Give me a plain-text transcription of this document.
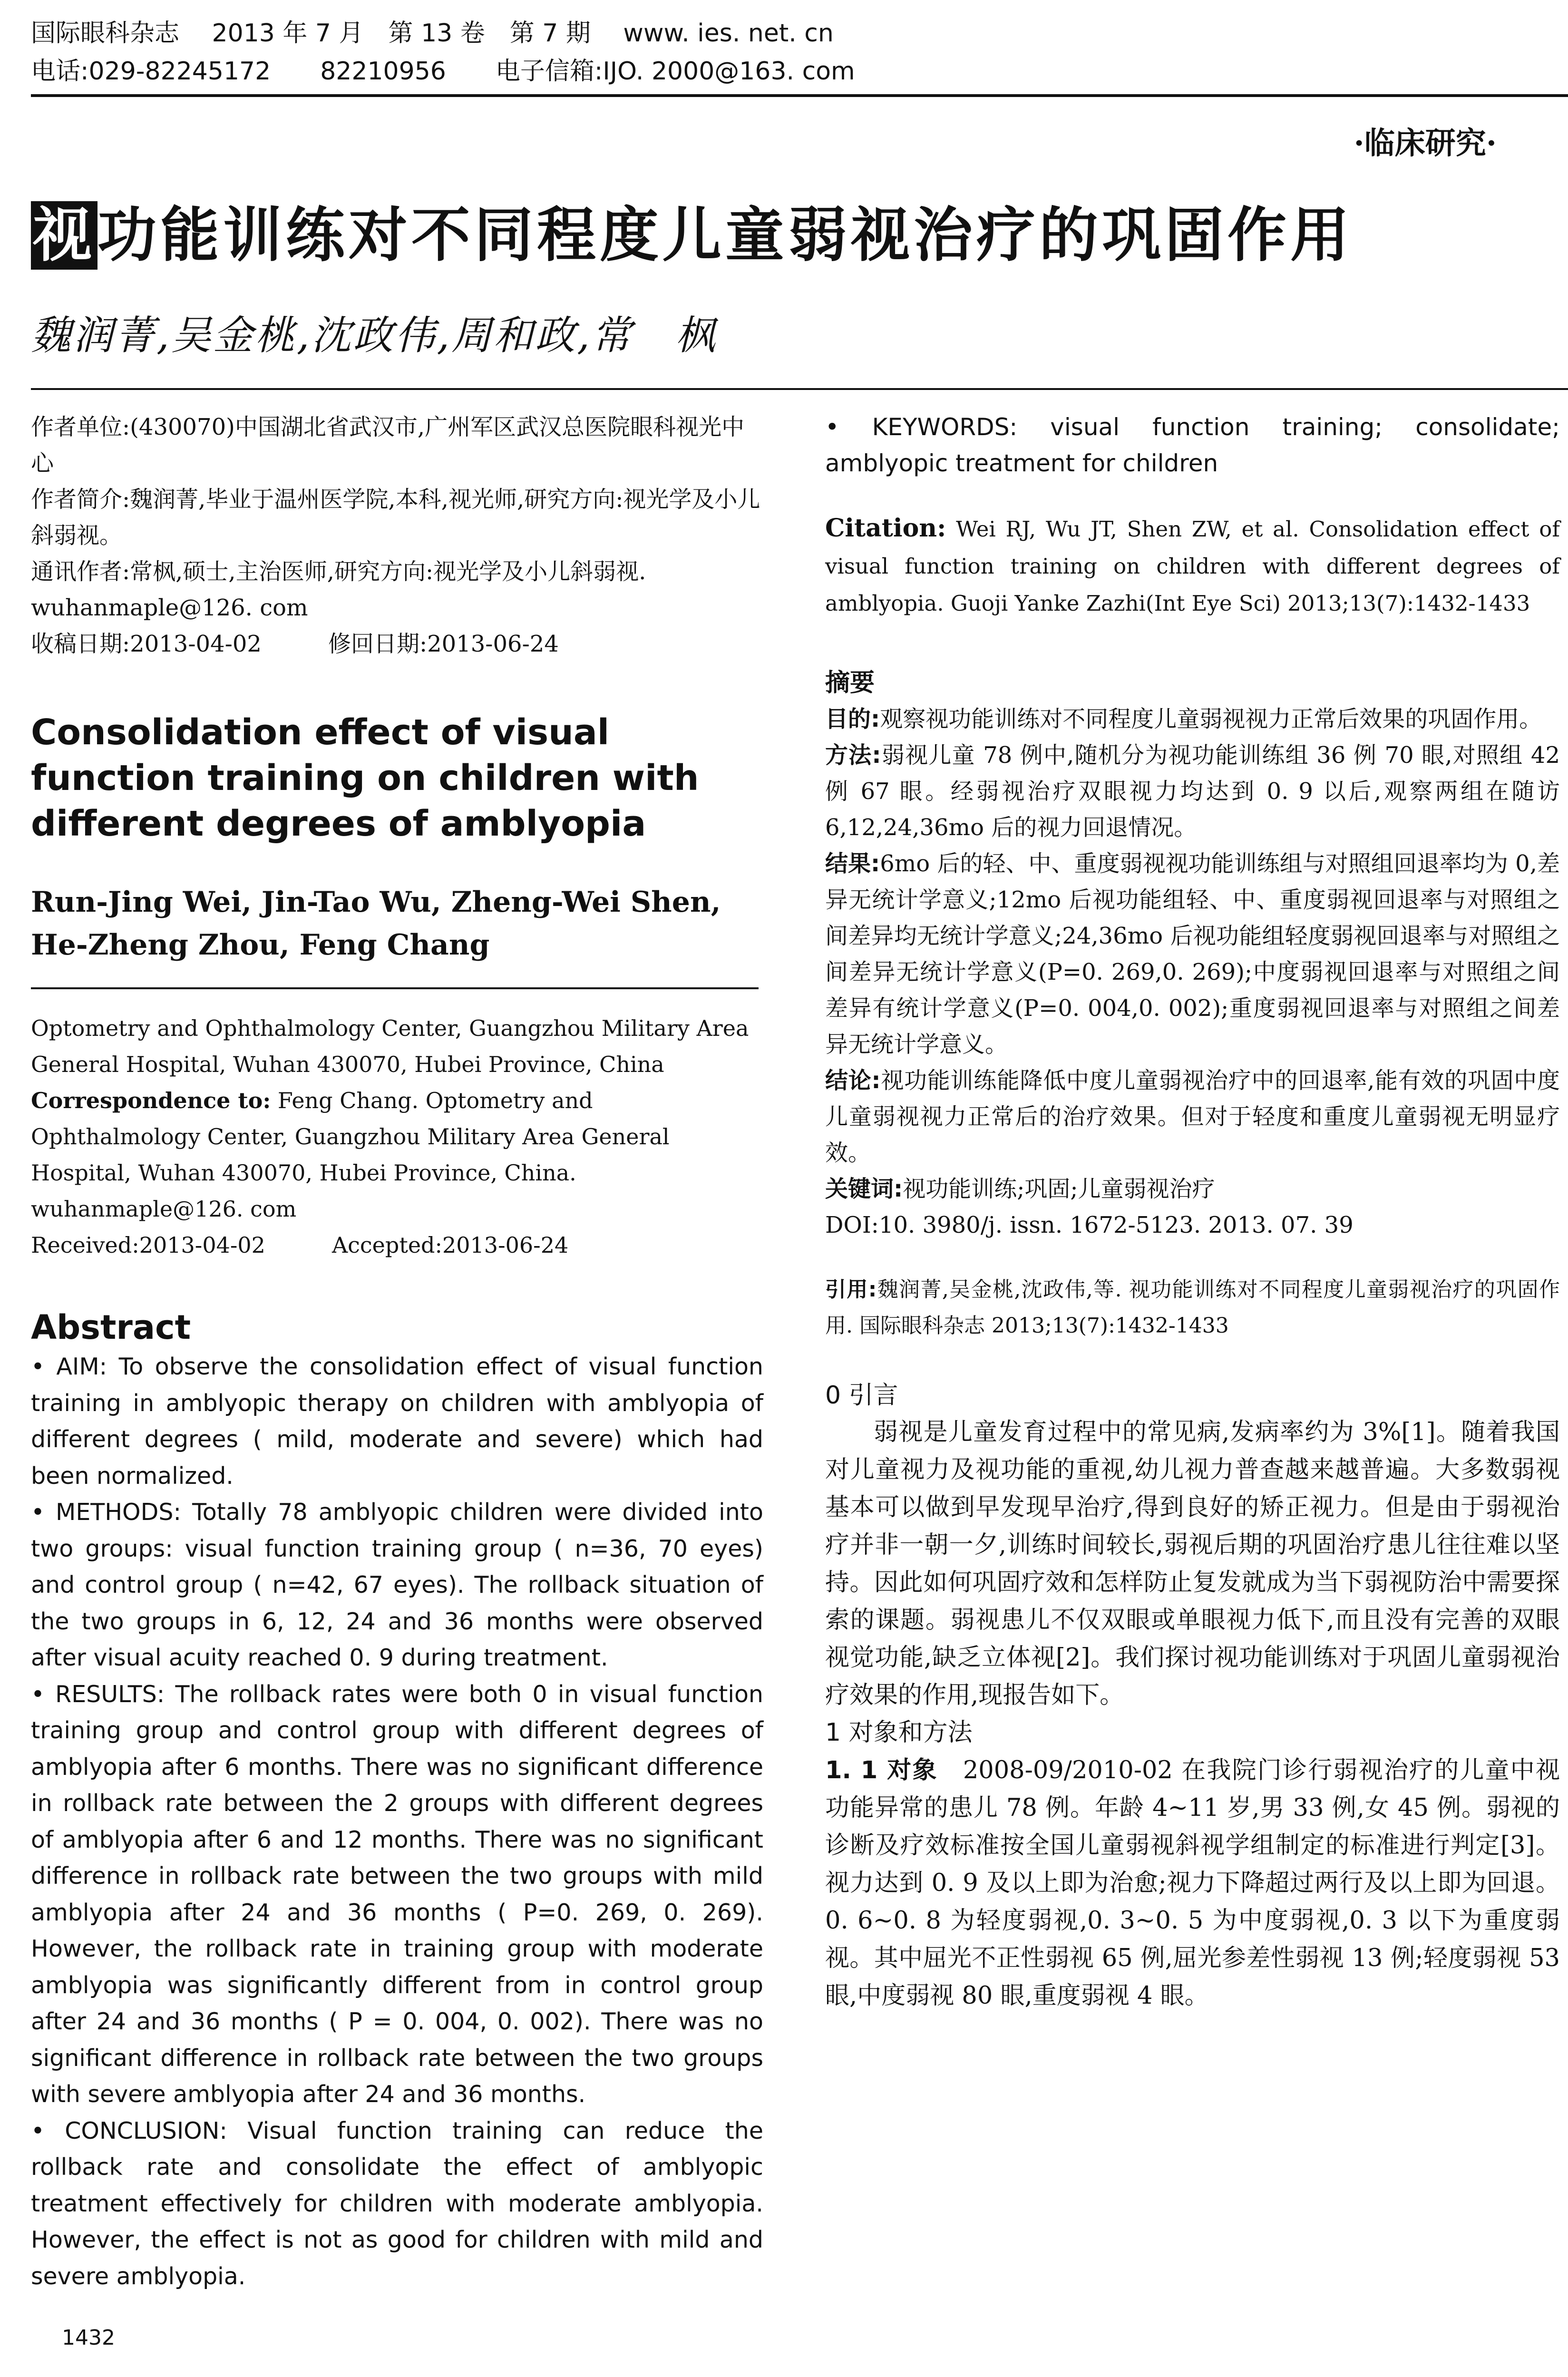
国际眼科杂志　 2013 年 7 月　第 13 卷　第 7 期　 www. ies. net. cn
电话:029-82245172　　82210956　　电子信箱:IJO. 2000@163. com
·临床研究·
视功能训练对不同程度儿童弱视治疗的巩固作用
魏润菁,吴金桃,沈政伟,周和政,常　枫

作者单位:(430070)中国湖北省武汉市,广州军区武汉总医院眼科视光中心

作者简介:魏润菁,毕业于温州医学院,本科,视光师,研究方向:视光学及小儿斜弱视。

通讯作者:常枫,硕士,主治医师,研究方向:视光学及小儿斜弱视. wuhanmaple@126. com

收稿日期:2013-04-02	修回日期:2013-06-24

Consolidation effect of visual function training on children with different degrees of amblyopia
Run-Jing Wei, Jin-Tao Wu, Zheng-Wei Shen, He-Zheng Zhou, Feng Chang

Optometry and Ophthalmology Center, Guangzhou Military Area General Hospital, Wuhan 430070, Hubei Province, China

Correspondence to: Feng Chang. Optometry and Ophthalmology Center, Guangzhou Military Area General Hospital, Wuhan 430070, Hubei Province, China. wuhanmaple@126. com

Received:2013-04-02	Accepted:2013-06-24

Abstract

• AIM: To observe the consolidation effect of visual function training in amblyopic therapy on children with amblyopia of different degrees ( mild, moderate and severe) which had been normalized.

• METHODS: Totally 78 amblyopic children were divided into two groups: visual function training group ( n=36, 70 eyes) and control group ( n=42, 67 eyes). The rollback situation of the two groups in 6, 12, 24 and 36 months were observed after visual acuity reached 0. 9 during treatment.

• RESULTS: The rollback rates were both 0 in visual function training group and control group with different degrees of amblyopia after 6 months. There was no significant difference in rollback rate between the 2 groups with different degrees of amblyopia after 6 and 12 months. There was no significant difference in rollback rate between the two groups with mild amblyopia after 24 and 36 months ( P=0. 269, 0. 269). However, the rollback rate in training group with moderate amblyopia was significantly different from in control group after 24 and 36 months ( P = 0. 004, 0. 002). There was no significant difference in rollback rate between the two groups with severe amblyopia after 24 and 36 months.

• CONCLUSION: Visual function training can reduce the rollback rate and consolidate the effect of amblyopic treatment effectively for children with moderate amblyopia. However, the effect is not as good for children with mild and severe amblyopia.

1432
• KEYWORDS: visual function training; consolidate; amblyopic treatment for children
Citation: Wei RJ, Wu JT, Shen ZW, et al. Consolidation effect of visual function training on children with different degrees of amblyopia. Guoji Yanke Zazhi(Int Eye Sci) 2013;13(7):1432-1433
摘要

目的:观察视功能训练对不同程度儿童弱视视力正常后效果的巩固作用。

方法:弱视儿童 78 例中,随机分为视功能训练组 36 例 70 眼,对照组 42 例 67 眼。经弱视治疗双眼视力均达到 0. 9 以后,观察两组在随访 6,12,24,36mo 后的视力回退情况。

结果:6mo 后的轻、中、重度弱视视功能训练组与对照组回退率均为 0,差异无统计学意义;12mo 后视功能组轻、中、重度弱视回退率与对照组之间差异均无统计学意义;24,36mo 后视功能组轻度弱视回退率与对照组之间差异无统计学意义(P=0. 269,0. 269);中度弱视回退率与对照组之间差异有统计学意义(P=0. 004,0. 002);重度弱视回退率与对照组之间差异无统计学意义。

结论:视功能训练能降低中度儿童弱视治疗中的回退率,能有效的巩固中度儿童弱视视力正常后的治疗效果。但对于轻度和重度儿童弱视无明显疗效。

关键词:视功能训练;巩固;儿童弱视治疗

DOI:10. 3980/j. issn. 1672-5123. 2013. 07. 39

引用:魏润菁,吴金桃,沈政伟,等. 视功能训练对不同程度儿童弱视治疗的巩固作用. 国际眼科杂志 2013;13(7):1432-1433
0 引言
弱视是儿童发育过程中的常见病,发病率约为 3%[1]。随着我国对儿童视力及视功能的重视,幼儿视力普查越来越普遍。大多数弱视基本可以做到早发现早治疗,得到良好的矫正视力。但是由于弱视治疗并非一朝一夕,训练时间较长,弱视后期的巩固治疗患儿往往难以坚持。因此如何巩固疗效和怎样防止复发就成为当下弱视防治中需要探索的课题。弱视患儿不仅双眼或单眼视力低下,而且没有完善的双眼视觉功能,缺乏立体视[2]。我们探讨视功能训练对于巩固儿童弱视治疗效果的作用,现报告如下。
1 对象和方法
1. 1 对象　2008-09/2010-02 在我院门诊行弱视治疗的儿童中视功能异常的患儿 78 例。年龄 4~11 岁,男 33 例,女 45 例。弱视的诊断及疗效标准按全国儿童弱视斜视学组制定的标准进行判定[3]。视力达到 0. 9 及以上即为治愈;视力下降超过两行及以上即为回退。0. 6~0. 8 为轻度弱视,0. 3~0. 5 为中度弱视,0. 3 以下为重度弱视。其中屈光不正性弱视 65 例,屈光参差性弱视 13 例;轻度弱视 53 眼,中度弱视 80 眼,重度弱视 4 眼。
